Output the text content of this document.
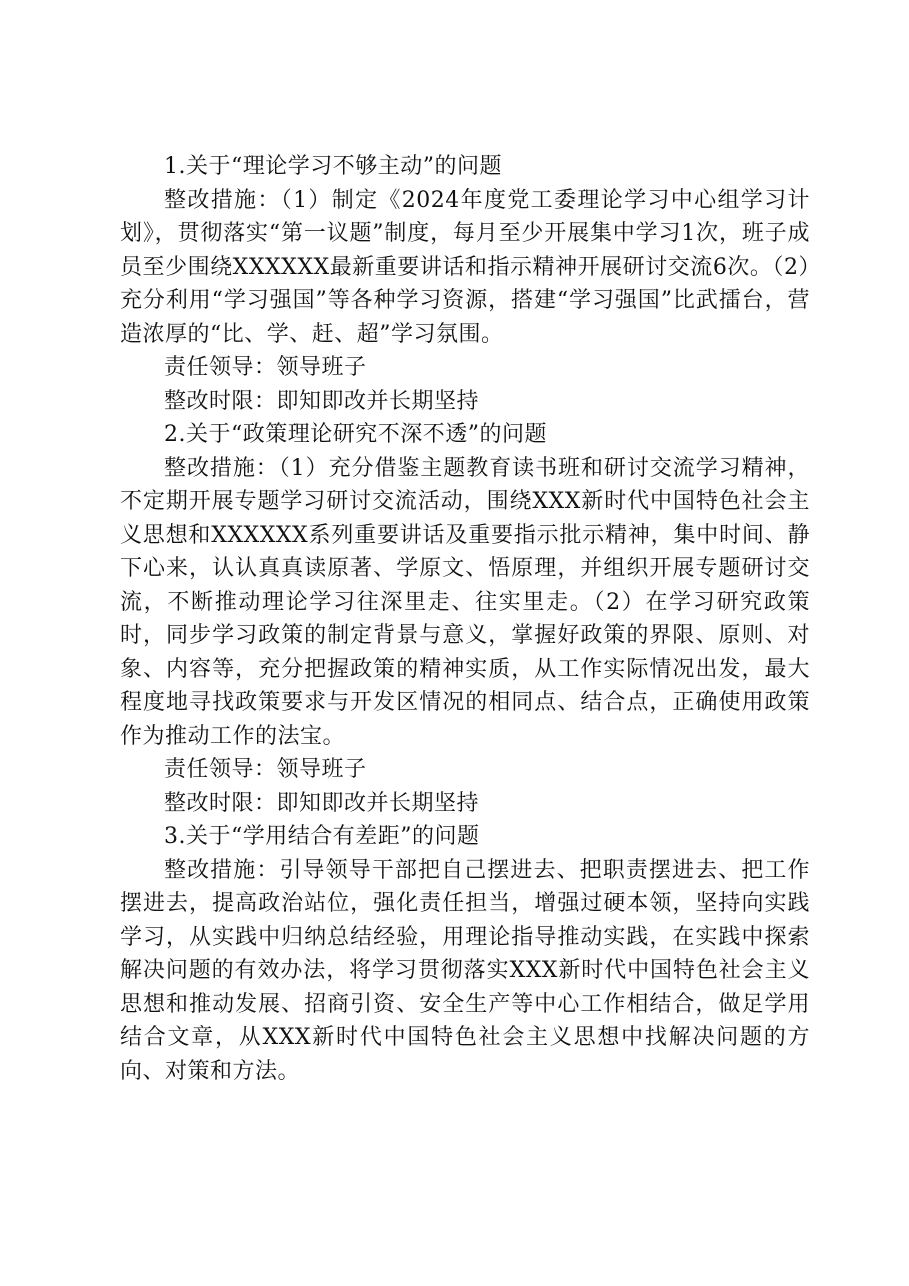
1.关于“理论学习不够主动”的问题

整改措施：（1）制定《2024年度党工委理论学习中心组学习计划》，贯彻落实“第一议题”制度，每月至少开展集中学习1次，班子成员至少围绕XXXXXX最新重要讲话和指示精神开展研讨交流6次。（2）充分利用“学习强国”等各种学习资源，搭建“学习强国”比武擂台，营造浓厚的“比、学、赶、超”学习氛围。

责任领导：领导班子

整改时限：即知即改并长期坚持

2.关于“政策理论研究不深不透”的问题

整改措施：（1）充分借鉴主题教育读书班和研讨交流学习精神，不定期开展专题学习研讨交流活动，围绕XXX新时代中国特色社会主义思想和XXXXXX系列重要讲话及重要指示批示精神，集中时间、静下心来，认认真真读原著、学原文、悟原理，并组织开展专题研讨交流，不断推动理论学习往深里走、往实里走。（2）在学习研究政策时，同步学习政策的制定背景与意义，掌握好政策的界限、原则、对象、内容等，充分把握政策的精神实质，从工作实际情况出发，最大程度地寻找政策要求与开发区情况的相同点、结合点，正确使用政策作为推动工作的法宝。

责任领导：领导班子

整改时限：即知即改并长期坚持

3.关于“学用结合有差距”的问题

整改措施：引导领导干部把自己摆进去、把职责摆进去、把工作摆进去，提高政治站位，强化责任担当，增强过硬本领，坚持向实践学习，从实践中归纳总结经验，用理论指导推动实践，在实践中探索解决问题的有效办法，将学习贯彻落实XXX新时代中国特色社会主义思想和推动发展、招商引资、安全生产等中心工作相结合，做足学用结合文章，从XXX新时代中国特色社会主义思想中找解决问题的方向、对策和方法。
